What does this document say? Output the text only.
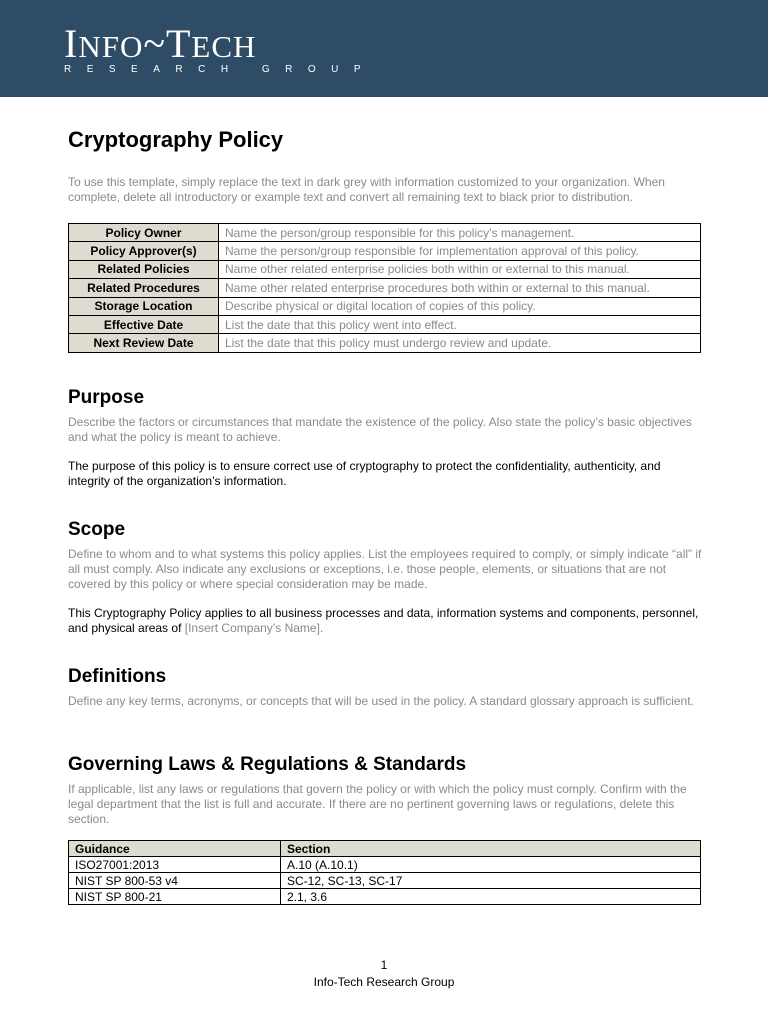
INFO~TECH
RESEARCH GROUP
Cryptography Policy

To use this template, simply replace the text in dark grey with information customized to your organization. When complete, delete all introductory or example text and convert all remaining text to black prior to distribution.

Policy Owner	Name the person/group responsible for this policy’s management.
Policy Approver(s)	Name the person/group responsible for implementation approval of this policy.
Related Policies	Name other related enterprise policies both within or external to this manual.
Related Procedures	Name other related enterprise procedures both within or external to this manual.
Storage Location	Describe physical or digital location of copies of this policy.
Effective Date	List the date that this policy went into effect.
Next Review Date	List the date that this policy must undergo review and update.
Purpose

Describe the factors or circumstances that mandate the existence of the policy. Also state the policy’s basic objectives and what the policy is meant to achieve.

The purpose of this policy is to ensure correct use of cryptography to protect the confidentiality, authenticity, and integrity of the organization’s information.

Scope

Define to whom and to what systems this policy applies. List the employees required to comply, or simply indicate “all” if all must comply. Also indicate any exclusions or exceptions, i.e. those people, elements, or situations that are not covered by this policy or where special consideration may be made.

This Cryptography Policy applies to all business processes and data, information systems and components, personnel, and physical areas of [Insert Company’s Name].

Definitions

Define any key terms, acronyms, or concepts that will be used in the policy. A standard glossary approach is sufficient.

Governing Laws & Regulations & Standards

If applicable, list any laws or regulations that govern the policy or with which the policy must comply. Confirm with the legal department that the list is full and accurate. If there are no pertinent governing laws or regulations, delete this section.

Guidance	Section
ISO27001:2013	A.10 (A.10.1)
NIST SP 800-53 v4	SC-12, SC-13, SC-17
NIST SP 800-21	2.1, 3.6
1
Info-Tech Research Group
